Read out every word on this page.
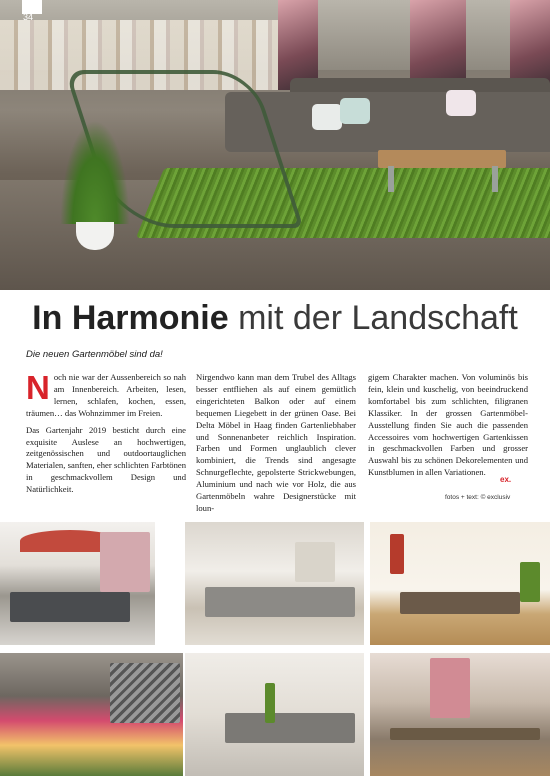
34
In Harmonie mit der Landschaft

Die neuen Gartenmöbel sind da!

Noch nie war der Aussenbereich so nah am Innenbereich. Arbeiten, lesen, lernen, schlafen, kochen, essen, träumen… das Wohnzimmer im Freien.

Das Gartenjahr 2019 besticht durch eine exquisite Auslese an hochwertigen, zeitgenössischen und outdoortauglichen Materialen, sanften, eher schlichten Farbtönen in geschmackvollem Design und Natürlichkeit.

Nirgendwo kann man dem Trubel des Alltags besser entfliehen als auf einem gemütlich eingerichteten Balkon oder auf einem bequemen Liegebett in der grünen Oase. Bei Delta Möbel in Haag finden Gartenliebhaber und Sonnenanbeter reichlich Inspiration. Farben und Formen unglaublich clever kombiniert, die Trends sind angesagte Schnurgeflechte, gepolsterte Strickwebungen, Aluminium und nach wie vor Holz, die aus Gartenmöbeln wahre Designerstücke mit loun-

gigem Charakter machen. Von voluminös bis fein, klein und kuschelig, von beeindruckend komfortabel bis zum schlichten, filigranen Klassiker. In der grossen Gartenmöbel-Ausstellung finden Sie auch die passenden Accessoires vom hochwertigen Gartenkissen in geschmackvollen Farben und grosser Auswahl bis zu schönen Dekorelementen und Kunstblumen in allen Variationen.

ex.
fotos + text: © exclusiv
